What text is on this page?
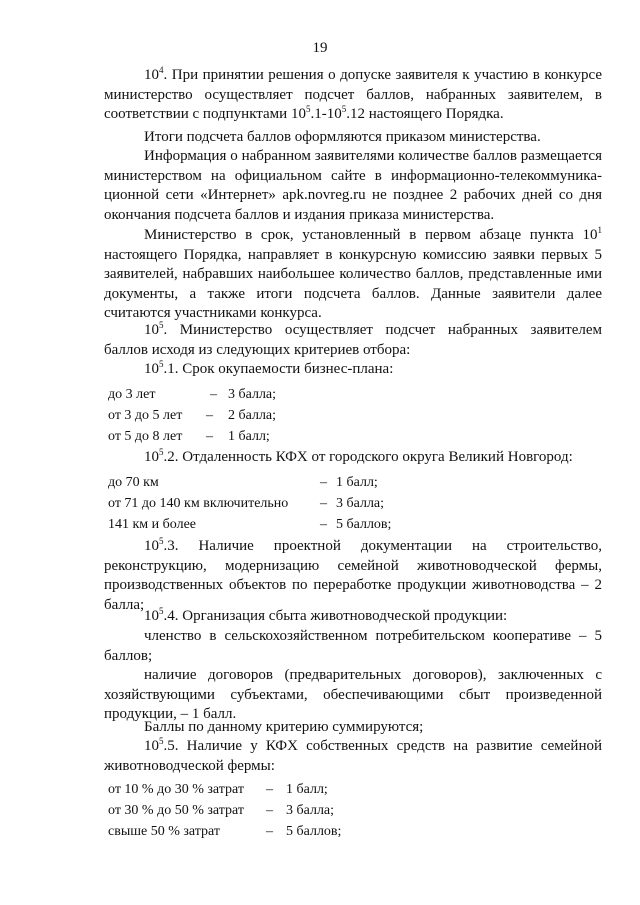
19
$10^4$. При принятии решения о допуске заявителя к участию в конкурсе министерство осуществляет подсчет баллов, набранных заявителем, в соответствии с подпунктами $10^5.1-10^5.12$ настоящего Порядка.
Итоги подсчета баллов оформляются приказом министерства.
Информация о набранном заявителями количестве баллов размещается министерством на официальном сайте в информационно-телекоммуника-ционной сети «Интернет» apk.novreg.ru не позднее 2 рабочих дней со дня окончания подсчета баллов и издания приказа министерства.
Министерство в срок, установленный в первом абзаце пункта $10^1$ настоящего Порядка, направляет в конкурсную комиссию заявки первых 5 заявителей, набравших наибольшее количество баллов, представленные ими документы, а также итоги подсчета баллов. Данные заявители далее считаются участниками конкурса.
$10^5$. Министерство осуществляет подсчет набранных заявителем баллов исходя из следующих критериев отбора:
$10^5.1$. Срок окупаемости бизнес-плана:
до 3 лет	– 3 балла;
от 3 до 5 лет – 2 балла;
от 5 до 8 лет – 1 балл;
$10^5.2$. Отдаленность КФХ от городского округа Великий Новгород:
до 70 км	– 1 балл;
от 71 до 140 км включительно – 3 балла;
141 км и более	– 5 баллов;
$10^5.3$. Наличие проектной документации на строительство, реконструкцию, модернизацию семейной животноводческой фермы, производственных объектов по переработке продукции животноводства – 2 балла;
$10^5.4$. Организация сбыта животноводческой продукции:
членство в сельскохозяйственном потребительском кооперативе – 5 баллов;
наличие договоров (предварительных договоров), заключенных с хозяйствующими субъектами, обеспечивающими сбыт произведенной продукции, – 1 балл.
Баллы по данному критерию суммируются;
$10^5.5$. Наличие у КФХ собственных средств на развитие семейной животноводческой фермы:
от 10 % до 30 % затрат – 1 балл;
от 30 % до 50 % затрат – 3 балла;
свыше 50 % затрат	– 5 баллов;
